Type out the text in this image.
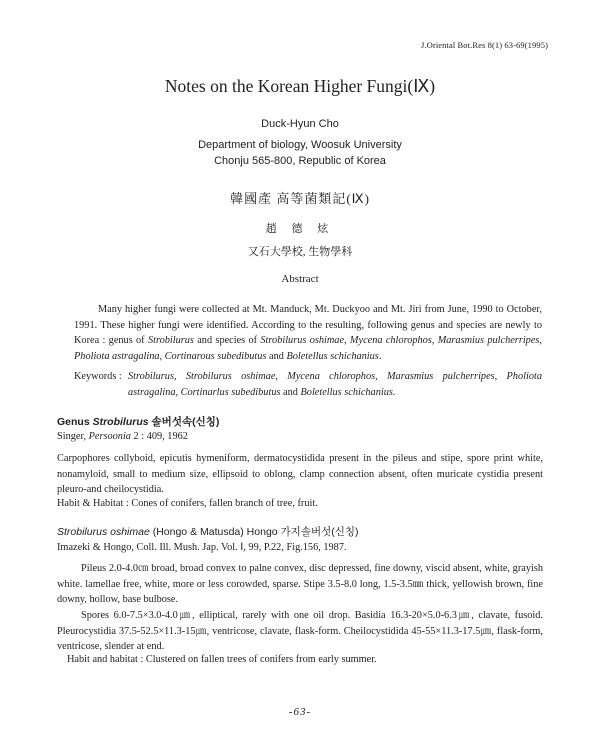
J.Oriental Bot.Res 8(1) 63-69(1995)
Notes on the Korean Higher Fungi(Ⅸ)
Duck-Hyun Cho
Department of biology, Woosuk University
Chonju 565-800, Republic of Korea
韓國產 高等菌類記(Ⅸ)
趙 德 炫
又石大學校, 生物學科
Abstract
Many higher fungi were collected at Mt. Manduck, Mt. Duckyoo and Mt. Jiri from June, 1990 to October, 1991. These higher fungi were identified. According to the resulting, following genus and species are newly to Korea : genus of Strobilurus and species of Strobilurus oshimae, Mycena chlorophos, Marasmius pulcherripes, Pholiota astragalina, Cortinarous subedibutus and Boletellus schichanius.
Keywords : Strobilurus, Strobilurus oshimae, Mycena chlorophos, Marasmius pulcherripes, Pholiota astragalina, Cortinarlus subedibutus and Boletellus schichanius.
Genus Strobilurus 솔버섯속(신칭)
Singer, Persoonia 2 : 409, 1962
Carpophores collyboid, epicutis hymeniform, dermatocystidida present in the pileus and stipe, spore print white, nonamyloid, small to medium size, ellipsoid to oblong, clamp connection absent, often muricate cystidia present pleuro-and cheilocystidia.
Habit & Habitat : Cones of conifers, fallen branch of tree, fruit.
Strobilurus oshimae (Hongo & Matusda) Hongo 가지솔버섯(신칭)
Imazeki & Hongo, Coll. Ill. Mush. Jap. Vol. Ⅰ, 99, P.22, Fig.156, 1987.
Pileus 2.0-4.0㎝ broad, broad convex to palne convex, disc depressed, fine downy, viscid absent, white, grayish white. lamellae free, white, more or less corowded, sparse. Stipe 3.5-8.0 long, 1.5-3.5㎜ thick, yellowish brown, fine downy, hollow, base bulbose.
Spores 6.0-7.5×3.0-4.0㎛, elliptical, rarely with one oil drop. Basidia 16.3-20×5.0-6.3㎛, clavate, fusoid. Pleurocystidia 37.5-52.5×11.3-15㎛, ventricose, clavate, flask-form. Cheilocystidida 45-55×11.3-17.5㎛, flask-form, ventricose, slender at end.
Habit and habitat : Clustered on fallen trees of conifers from early summer.
-63-
